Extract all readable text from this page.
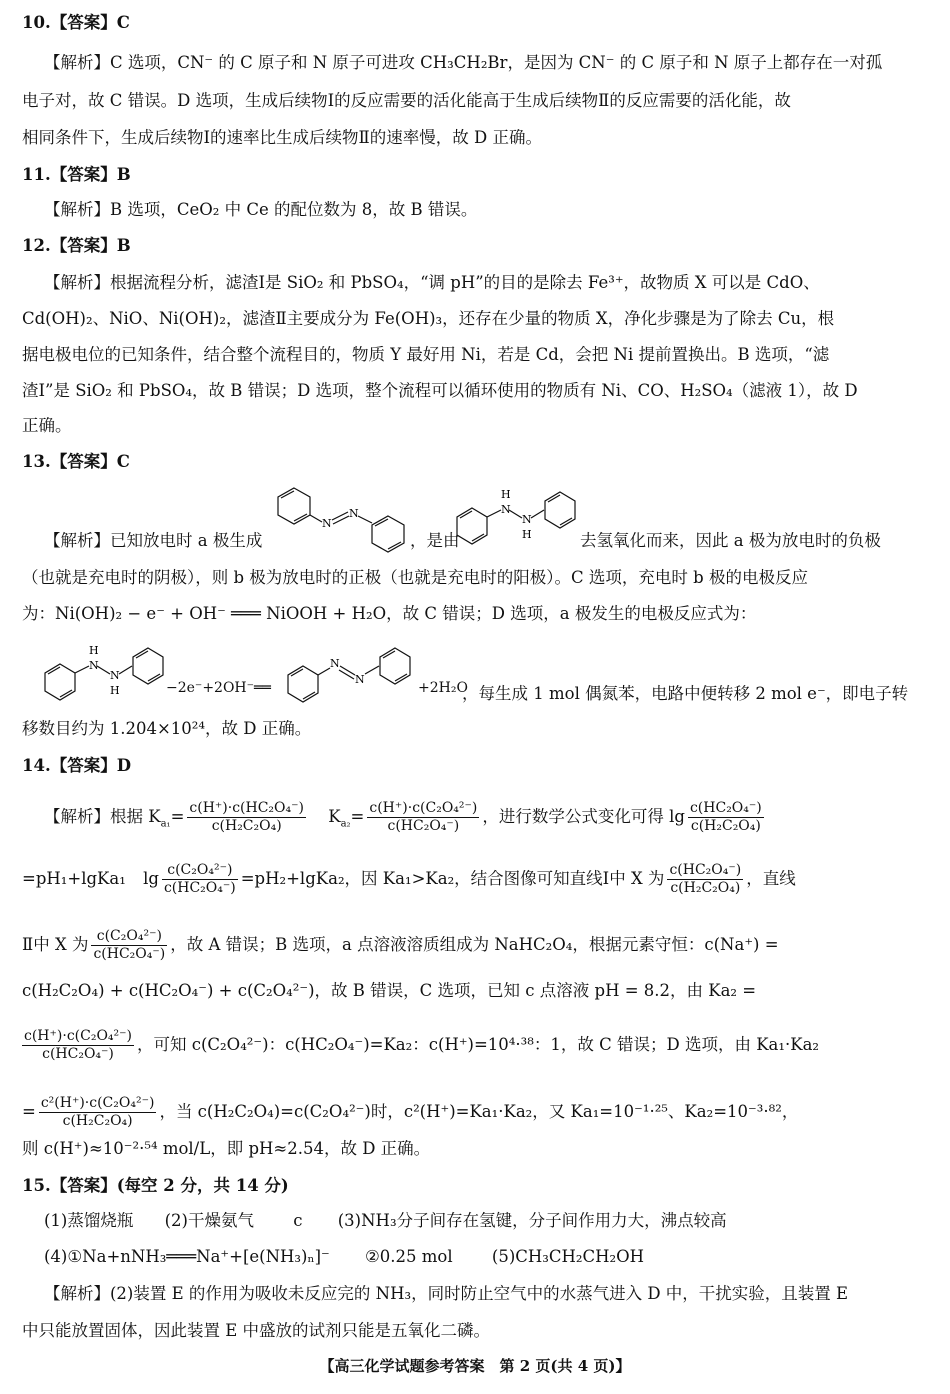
10.【答案】C
【解析】C 选项，CN⁻ 的 C 原子和 N 原子可进攻 CH₃CH₂Br，是因为 CN⁻ 的 C 原子和 N 原子上都存在一对孤
电子对，故 C 错误。D 选项，生成后续物Ⅰ的反应需要的活化能高于生成后续物Ⅱ的反应需要的活化能，故
相同条件下，生成后续物Ⅰ的速率比生成后续物Ⅱ的速率慢，故 D 正确。
11.【答案】B
【解析】B 选项，CeO₂ 中 Ce 的配位数为 8，故 B 错误。
12.【答案】B
【解析】根据流程分析，滤渣Ⅰ是 SiO₂ 和 PbSO₄，“调 pH”的目的是除去 Fe³⁺，故物质 X 可以是 CdO、
Cd(OH)₂、NiO、Ni(OH)₂，滤渣Ⅱ主要成分为 Fe(OH)₃，还存在少量的物质 X，净化步骤是为了除去 Cu，根
据电极电位的已知条件，结合整个流程目的，物质 Y 最好用 Ni，若是 Cd，会把 Ni 提前置换出。B 选项，“滤
渣Ⅰ”是 SiO₂ 和 PbSO₄，故 B 错误；D 选项，整个流程可以循环使用的物质有 Ni、CO、H₂SO₄（滤液 1），故 D
正确。
13.【答案】C
N
N
H
N
N
H
【解析】已知放电时 a 极生成	，是由	去氢氧化而来，因此 a 极为放电时的负极
（也就是充电时的阴极），则 b 极为放电时的正极（也就是充电时的阳极）。C 选项，充电时 b 极的电极反应
为：Ni(OH)₂ − e⁻ + OH⁻ ═══ NiOOH + H₂O，故 C 错误；D 选项，a 极发生的电极反应式为：
H
N
N
H	−2e⁻+2OH⁻══
N
N
+2H₂O
，每生成 1 mol 偶氮苯，电路中便转移 2 mol e⁻，即电子转
移数目约为 1.204×10²⁴，故 D 正确。
14.【答案】D
【解析】根据 $K_{a_1}= \frac{\text{c(H⁺)·c(HC₂O₄⁻)}}{\text{c(H₂C₂O₄)}} K_{a_2}= \frac{\text{c(H⁺)·c(C₂O₄²⁻)}}{\text{c(HC₂O₄⁻)}}$ ，进行数学公式变化可得 $\lg \frac{\text{c(HC₂O₄⁻)}}{\text{c(H₂C₂O₄)}}$
=pH₁+lgKa₁ $\lg \frac{\text{c(C₂O₄²⁻)}}{\text{c(HC₂O₄⁻)}}$ =pH₂+lgKa₂，因 Ka₁>Ka₂，结合图像可知直线Ⅰ中 X 为 $\frac{\text{c(HC₂O₄⁻)}}{\text{c(H₂C₂O₄)}}$ ，直线
Ⅱ中 X 为 $\frac{\text{c(C₂O₄²⁻)}}{\text{c(HC₂O₄⁻)}}$ ，故 A 错误；B 选项，a 点溶液溶质组成为 NaHC₂O₄，根据元素守恒：c(Na⁺) =
c(H₂C₂O₄) + c(HC₂O₄⁻) + c(C₂O₄²⁻)，故 B 错误，C 选项，已知 c 点溶液 pH = 8.2，由 Ka₂ =
$\frac{\text{c(H⁺)·c(C₂O₄²⁻)}}{\text{c(HC₂O₄⁻)}}$ ，可知 c(C₂O₄²⁻)：c(HC₂O₄⁻)=Ka₂：c(H⁺)=10⁴·³⁸：1，故 C 错误；D 选项，由 Ka₁·Ka₂
= $\frac{\text{c²(H⁺)·c(C₂O₄²⁻)}}{\text{c(H₂C₂O₄)}}$ ，当 c(H₂C₂O₄)=c(C₂O₄²⁻)时，c²(H⁺)=Ka₁·Ka₂，又 Ka₁=10⁻¹·²⁵、Ka₂=10⁻³·⁸²，
则 c(H⁺)≈10⁻²·⁵⁴ mol/L，即 pH≈2.54，故 D 正确。
15.【答案】(每空 2 分，共 14 分)
(1)蒸馏烧瓶 (2)干燥氨气 c (3)NH₃分子间存在氢键，分子间作用力大，沸点较高
(4)①Na+nNH₃═══Na⁺+[e(NH₃)ₙ]⁻ ②0.25 mol (5)CH₃CH₂CH₂OH
【解析】(2)装置 E 的作用为吸收未反应完的 NH₃，同时防止空气中的水蒸气进入 D 中，干扰实验，且装置 E
中只能放置固体，因此装置 E 中盛放的试剂只能是五氧化二磷。
【高三化学试题参考答案　第 2 页(共 4 页)】
